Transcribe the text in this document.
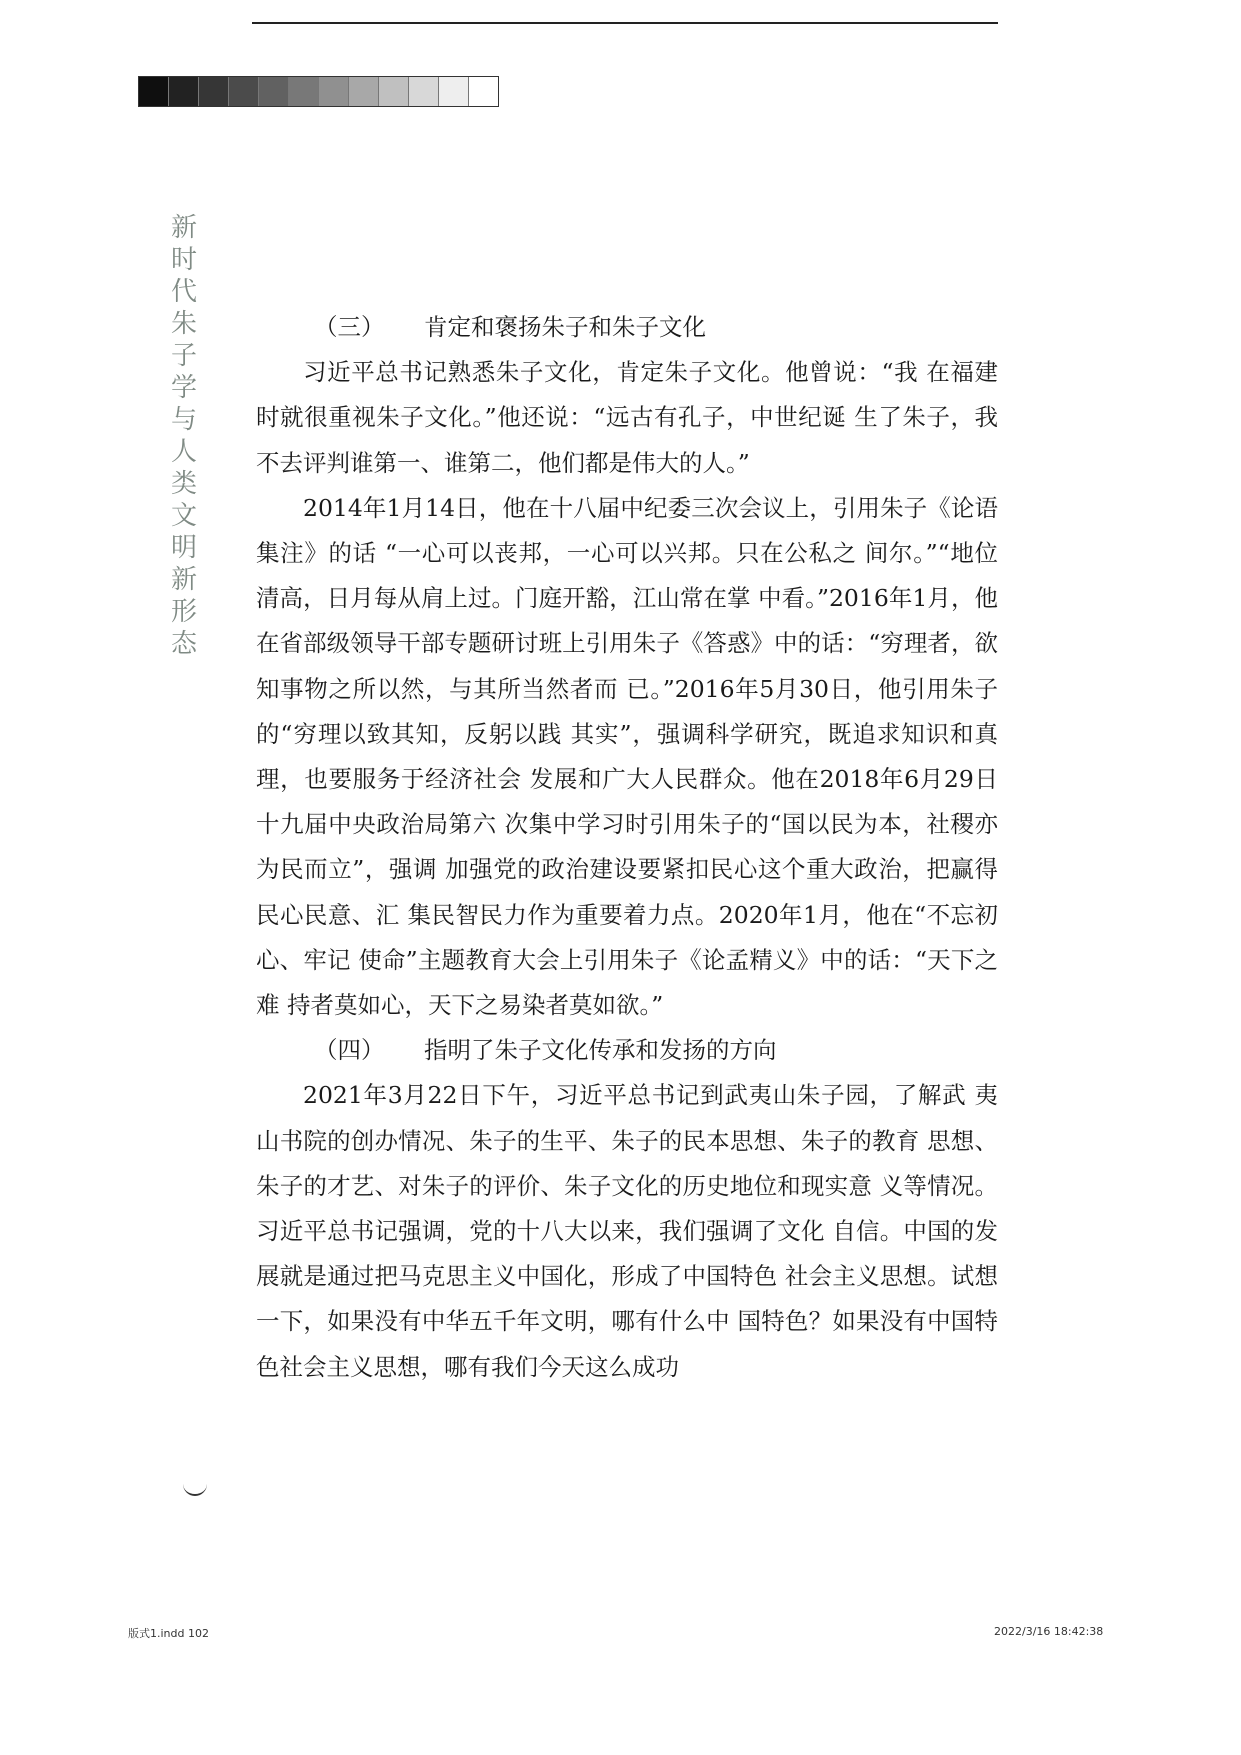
新时代朱子学与人类文明新形态
（三） 肯定和褒扬朱子和朱子文化

习近平总书记熟悉朱子文化，肯定朱子文化。他曾说：“我 在福建时就很重视朱子文化。”他还说：“远古有孔子，中世纪诞 生了朱子，我不去评判谁第一、谁第二，他们都是伟大的人。”

2014年1月14日，他在十八届中纪委三次会议上，引用朱子《论语集注》的话 “一心可以丧邦，一心可以兴邦。只在公私之 间尔。”“地位清高，日月每从肩上过。门庭开豁，江山常在掌 中看。”2016年1月，他在省部级领导干部专题研讨班上引用朱子《答惑》中的话：“穷理者，欲知事物之所以然，与其所当然者而 已。”2016年5月30日，他引用朱子的“穷理以致其知，反躬以践 其实”，强调科学研究，既追求知识和真理，也要服务于经济社会 发展和广大人民群众。他在2018年6月29日十九届中央政治局第六 次集中学习时引用朱子的“国以民为本，社稷亦为民而立”，强调 加强党的政治建设要紧扣民心这个重大政治，把赢得民心民意、汇 集民智民力作为重要着力点。2020年1月，他在“不忘初心、牢记 使命”主题教育大会上引用朱子《论孟精义》中的话：“天下之难 持者莫如心，天下之易染者莫如欲。”

（四） 指明了朱子文化传承和发扬的方向

2021年3月22日下午，习近平总书记到武夷山朱子园，了解武 夷山书院的创办情况、朱子的生平、朱子的民本思想、朱子的教育 思想、朱子的才艺、对朱子的评价、朱子文化的历史地位和现实意 义等情况。习近平总书记强调，党的十八大以来，我们强调了文化 自信。中国的发展就是通过把马克思主义中国化，形成了中国特色 社会主义思想。试想一下，如果没有中华五千年文明，哪有什么中 国特色？如果没有中国特色社会主义思想，哪有我们今天这么成功

版式1.indd 102	2022/3/16 18:42:38
